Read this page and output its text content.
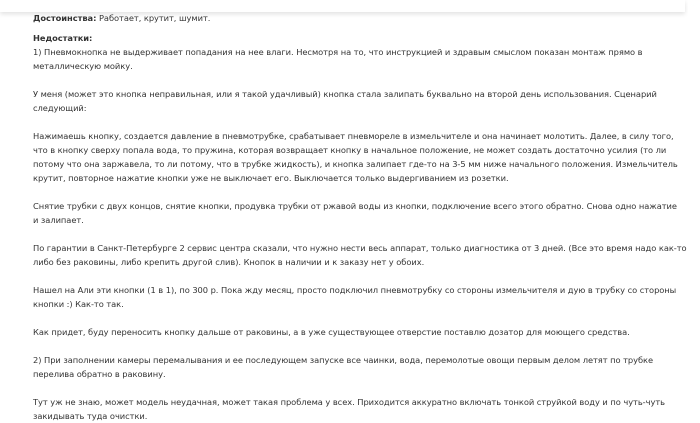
Достоинства: Работает, крутит, шумит.
Недостатки:
1) Пневмокнопка не выдерживает попадания на нее влаги. Несмотря на то, что инструкцией и здравым смыслом показан монтаж прямо в
металлическую мойку.
У меня (может это кнопка неправильная, или я такой удачливый) кнопка стала залипать буквально на второй день использования. Сценарий
следующий:
Нажимаешь кнопку, создается давление в пневмотрубке, срабатывает пневмореле в измельчителе и она начинает молотить. Далее, в силу того,
что в кнопку сверху попала вода, то пружина, которая возвращает кнопку в начальное положение, не может создать достаточно усилия (то ли
потому что она заржавела, то ли потому, что в трубке жидкость), и кнопка залипает где-то на 3-5 мм ниже начального положения. Измельчитель
крутит, повторное нажатие кнопки уже не выключает его. Выключается только выдергиванием из розетки.
Снятие трубки с двух концов, снятие кнопки, продувка трубки от ржавой воды из кнопки, подключение всего этого обратно. Снова одно нажатие
и залипает.
По гарантии в Санкт-Петербурге 2 сервис центра сказали, что нужно нести весь аппарат, только диагностика от 3 дней. (Все это время надо как-то
либо без раковины, либо крепить другой слив). Кнопок в наличии и к заказу нет у обоих.
Нашел на Али эти кнопки (1 в 1), по 300 р. Пока жду месяц, просто подключил пневмотрубку со стороны измельчителя и дую в трубку со стороны
кнопки :) Как-то так.
Как придет, буду переносить кнопку дальше от раковины, а в уже существующее отверстие поставлю дозатор для моющего средства.
2) При заполнении камеры перемалывания и ее последующем запуске все чаинки, вода, перемолотые овощи первым делом летят по трубке
перелива обратно в раковину.
Тут уж не знаю, может модель неудачная, может такая проблема у всех. Приходится аккуратно включать тонкой струйкой воду и по чуть-чуть
закидывать туда очистки.
